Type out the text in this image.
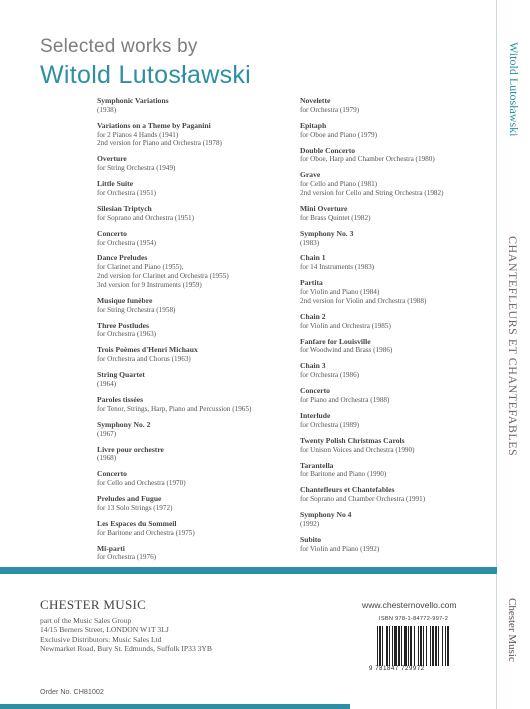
Selected works by
Witold Lutosławski	Witold Lutosławski
CHANTEFLEURS ET CHANTEFABLES
Chester Music
Symphonic Variations
(1938)
Variations on a Theme by Paganini
for 2 Pianos 4 Hands (1941)
2nd version for Piano and Orchestra (1978)
Overture
for String Orchestra (1949)
Little Suite
for Orchestra (1951)
Silesian Triptych
for Soprano and Orchestra (1951)
Concerto
for Orchestra (1954)
Dance Preludes
for Clarinet and Piano (1955),
2nd version for Clarinet and Orchestra (1955)
3rd version for 9 Instruments (1959)
Musique funèbre
for String Orchestra (1958)
Three Postludes
for Orchestra (1963)
Trois Poèmes d'Henri Michaux
for Orchestra and Chorus (1963)
String Quartet
(1964)
Paroles tissées
for Tenor, Strings, Harp, Piano and Percussion (1965)
Symphony No. 2
(1967)
Livre pour orchestre
(1968)
Concerto
for Cello and Orchestra (1970)
Preludes and Fugue
for 13 Solo Strings (1972)
Les Espaces du Sommeil
for Baritone and Orchestra (1975)
Mi-parti
for Orchestra (1976)
Novelette
for Orchestra (1979)
Epitaph
for Oboe and Piano (1979)
Double Concerto
for Oboe, Harp and Chamber Orchestra (1980)
Grave
for Cello and Piano (1981)
2nd version for Cello and String Orchestra (1982)
Mini Overture
for Brass Quintet (1982)
Symphony No. 3
(1983)
Chain 1
for 14 Instruments (1983)
Partita
for Violin and Piano (1984)
2nd version for Violin and Orchestra (1988)
Chain 2
for Violin and Orchestra (1985)
Fanfare for Louisville
for Woodwind and Brass (1986)
Chain 3
for Orchestra (1986)
Concerto
for Piano and Orchestra (1988)
Interlude
for Orchestra (1989)
Twenty Polish Christmas Carols
for Unison Voices and Orchestra (1990)
Tarantella
for Baritone and Piano (1990)
Chantefleurs et Chantefables
for Soprano and Chamber Orchestra (1991)
Symphony No 4
(1992)
Subito
for Violin and Piano (1992)
CHESTER MUSIC
part of the Music Sales Group
14/15 Berners Street, LONDON W1T 3LJ
Exclusive Distributors: Music Sales Ltd
Newmarket Road, Bury St. Edmunds, Suffolk IP33 3YB
www.chesternovello.com
ISBN 978-1-84772-997-2
9 781847 729972
Order No. CH81002
